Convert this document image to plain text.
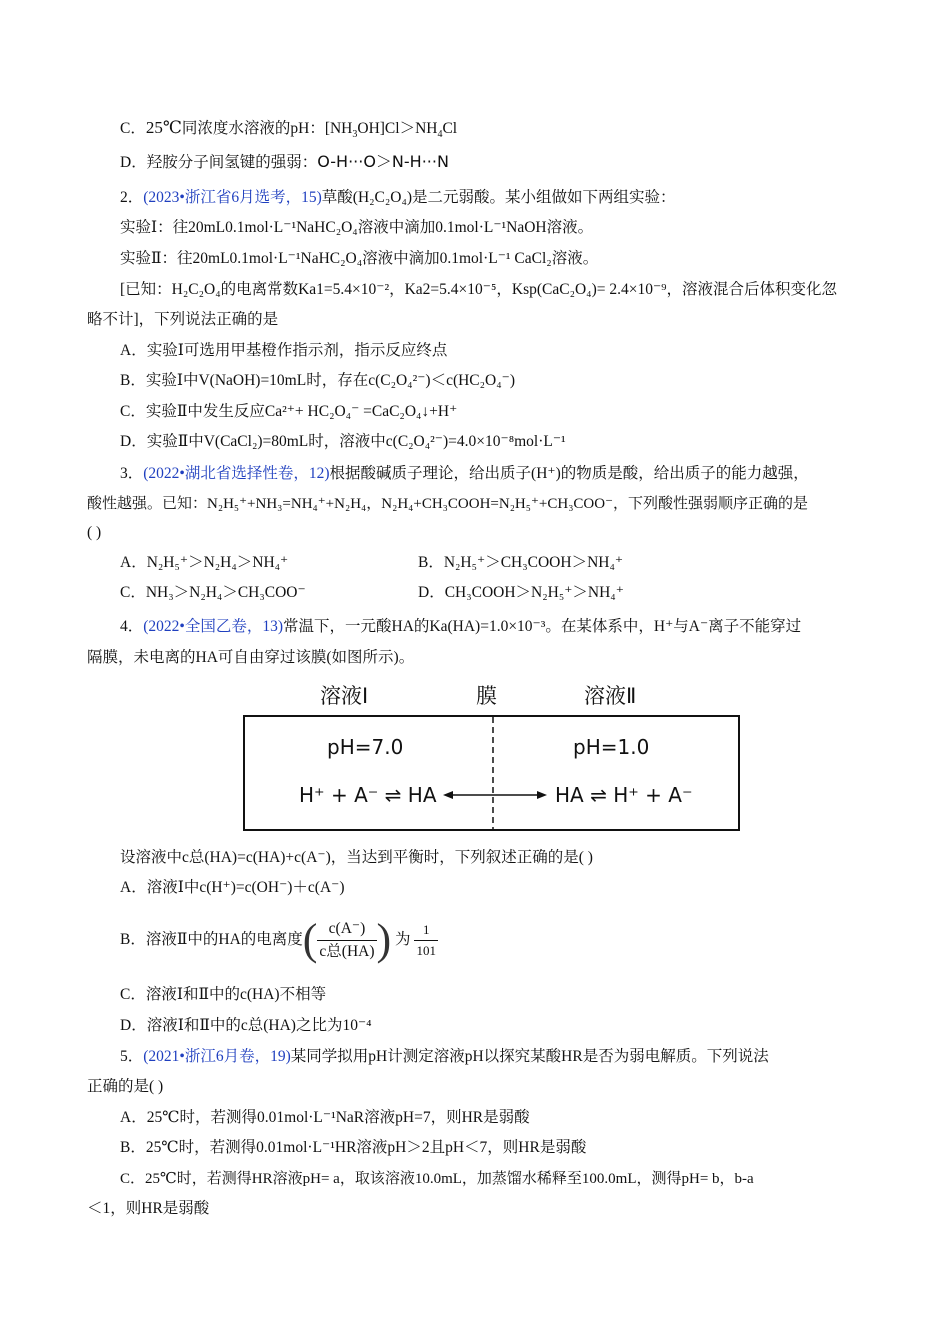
C．25℃同浓度水溶液的pH：$[NH_3OH]Cl>NH_4Cl$
D．羟胺分子间氢键的强弱：O-H···O＞N-H···N
2．(2023•浙江省6月选考，15)草酸(H₂C₂O₄)是二元弱酸。某小组做如下两组实验：
实验Ⅰ：往20mL0.1mol·L⁻¹NaHC₂O₄溶液中滴加0.1mol·L⁻¹NaOH溶液。
实验Ⅱ：往20mL0.1mol·L⁻¹NaHC₂O₄溶液中滴加0.1mol·L⁻¹ CaCl₂溶液。
[已知：H₂C₂O₄的电离常数Ka1=5.4×10⁻²，Ka2=5.4×10⁻⁵，Ksp(CaC₂O₄)= 2.4×10⁻⁹，溶液混合后体积变化忽
略不计]，下列说法正确的是
A．实验Ⅰ可选用甲基橙作指示剂，指示反应终点
B．实验Ⅰ中V(NaOH)=10mL时，存在c(C₂O₄²⁻)＜c(HC₂O₄⁻)
C．实验Ⅱ中发生反应Ca²⁺+ HC₂O₄⁻ =CaC₂O₄↓+H⁺
D．实验Ⅱ中V(CaCl₂)=80mL时，溶液中c(C₂O₄²⁻)=4.0×10⁻⁸mol·L⁻¹
3．(2022•湖北省选择性卷，12)根据酸碱质子理论，给出质子(H⁺)的物质是酸，给出质子的能力越强，
酸性越强。已知：N₂H₅⁺+NH₃=NH₄⁺+N₂H₄，N₂H₄+CH₃COOH=N₂H₅⁺+CH₃COO⁻，下列酸性强弱顺序正确的是
( )
A．N₂H₅⁺＞N₂H₄＞NH₄⁺	B．N₂H₅⁺＞CH₃COOH＞NH₄⁺
C．NH₃＞N₂H₄＞CH₃COO⁻	D．CH₃COOH＞N₂H₅⁺＞NH₄⁺
4．(2022•全国乙卷，13)常温下，一元酸HA的Ka(HA)=1.0×10⁻³。在某体系中，H⁺与A⁻离子不能穿过
隔膜，未电离的HA可自由穿过该膜(如图所示)。
溶液Ⅰ	膜	溶液Ⅱ
pH=7.0	pH=1.0
H⁺ + A⁻ ⇌ HA	HA ⇌ H⁺ + A⁻
设溶液中c总(HA)=c(HA)+c(A⁻)，当达到平衡时，下列叙述正确的是( )
A．溶液Ⅰ中c(H⁺)=c(OH⁻)＋c(A⁻)
B．溶液Ⅱ中的HA的电离度( $\frac{c(A^-)}{\text{c总(HA)}}$ ) 为 $\frac{1}{101}$
C．溶液Ⅰ和Ⅱ中的c(HA)不相等
D．溶液Ⅰ和Ⅱ中的c总(HA)之比为10⁻⁴
5．(2021•浙江6月卷，19)某同学拟用pH计测定溶液pH以探究某酸HR是否为弱电解质。下列说法
正确的是( )
A．25℃时，若测得0.01mol·L⁻¹NaR溶液pH=7，则HR是弱酸
B．25℃时，若测得0.01mol·L⁻¹HR溶液pH＞2且pH＜7，则HR是弱酸
C．25℃时，若测得HR溶液pH= a，取该溶液10.0mL，加蒸馏水稀释至100.0mL，测得pH= b，b-a
＜1，则HR是弱酸
